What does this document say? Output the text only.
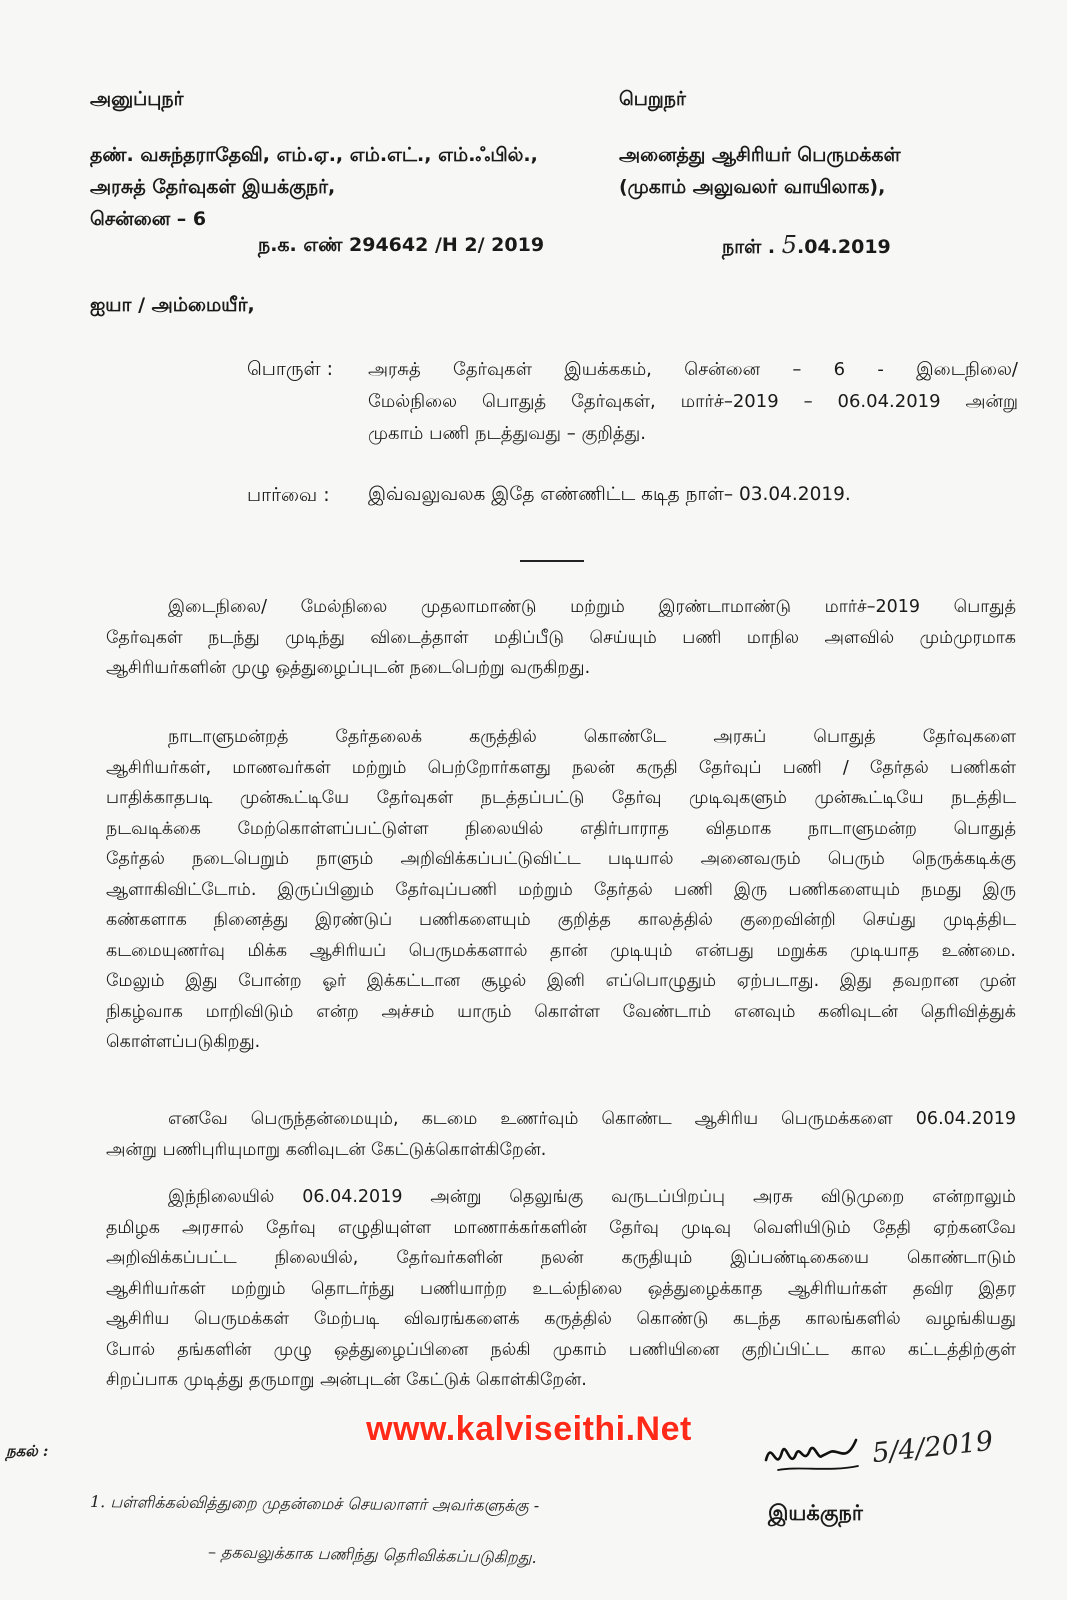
அனுப்புநர்	பெறுநர்
தண். வசுந்தராதேவி, எம்.ஏ., எம்.எட்., எம்.ஃபில்.,
அரசுத் தேர்வுகள் இயக்குநர்,
சென்னை – 6
அனைத்து ஆசிரியர் பெருமக்கள்
(முகாம் அலுவலர் வாயிலாக),
ந.க. எண் 294642 /H 2/ 2019	நாள் . 5.04.2019
ஐயா / அம்மையீர்,
பொருள் : அரசுத் தேர்வுகள் இயக்ககம், சென்னை – 6 - இடைநிலை/
மேல்நிலை பொதுத் தேர்வுகள், மார்ச்–2019 – 06.04.2019 அன்று
முகாம் பணி நடத்துவது – குறித்து.
பார்வை : இவ்வலுவலக இதே எண்ணிட்ட கடித நாள்– 03.04.2019.
இடைநிலை/ மேல்நிலை முதலாமாண்டு மற்றும் இரண்டாமாண்டு மார்ச்–2019 பொதுத்
தேர்வுகள் நடந்து முடிந்து விடைத்தாள் மதிப்பீடு செய்யும் பணி மாநில அளவில் மும்முரமாக
ஆசிரியர்களின் முழு ஒத்துழைப்புடன் நடைபெற்று வருகிறது.
நாடாளுமன்றத் தேர்தலைக் கருத்தில் கொண்டே அரசுப் பொதுத் தேர்வுகளை
ஆசிரியர்கள், மாணவர்கள் மற்றும் பெற்றோர்களது நலன் கருதி தேர்வுப் பணி / தேர்தல் பணிகள்
பாதிக்காதபடி முன்கூட்டியே தேர்வுகள் நடத்தப்பட்டு தேர்வு முடிவுகளும் முன்கூட்டியே நடத்திட
நடவடிக்கை மேற்கொள்ளப்பட்டுள்ள நிலையில் எதிர்பாராத விதமாக நாடாளுமன்ற பொதுத்
தேர்தல் நடைபெறும் நாளும் அறிவிக்கப்பட்டுவிட்ட படியால் அனைவரும் பெரும் நெருக்கடிக்கு
ஆளாகிவிட்டோம். இருப்பினும் தேர்வுப்பணி மற்றும் தேர்தல் பணி இரு பணிகளையும் நமது இரு
கண்களாக நினைத்து இரண்டுப் பணிகளையும் குறித்த காலத்தில் குறைவின்றி செய்து முடித்திட
கடமையுணர்வு மிக்க ஆசிரியப் பெருமக்களால் தான் முடியும் என்பது மறுக்க முடியாத உண்மை.
மேலும் இது போன்ற ஓர் இக்கட்டான சூழல் இனி எப்பொழுதும் ஏற்படாது. இது தவறான முன்
நிகழ்வாக மாறிவிடும் என்ற அச்சம் யாரும் கொள்ள வேண்டாம் எனவும் கனிவுடன் தெரிவித்துக்
கொள்ளப்படுகிறது.
எனவே பெருந்தன்மையும், கடமை உணர்வும் கொண்ட ஆசிரிய பெருமக்களை 06.04.2019
அன்று பணிபுரியுமாறு கனிவுடன் கேட்டுக்கொள்கிறேன்.
இந்நிலையில் 06.04.2019 அன்று தெலுங்கு வருடப்பிறப்பு அரசு விடுமுறை என்றாலும்
தமிழக அரசால் தேர்வு எழுதியுள்ள மாணாக்கர்களின் தேர்வு முடிவு வெளியிடும் தேதி ஏற்கனவே
அறிவிக்கப்பட்ட நிலையில், தேர்வர்களின் நலன் கருதியும் இப்பண்டிகையை கொண்டாடும்
ஆசிரியர்கள் மற்றும் தொடர்ந்து பணியாற்ற உடல்நிலை ஒத்துழைக்காத ஆசிரியர்கள் தவிர இதர
ஆசிரிய பெருமக்கள் மேற்படி விவரங்களைக் கருத்தில் கொண்டு கடந்த காலங்களில் வழங்கியது
போல் தங்களின் முழு ஒத்துழைப்பினை நல்கி முகாம் பணியினை குறிப்பிட்ட கால கட்டத்திற்குள்
சிறப்பாக முடித்து தருமாறு அன்புடன் கேட்டுக் கொள்கிறேன்.
www.kalviseithi.Net	5/4/2019
இயக்குநர்
நகல் :
1. பள்ளிக்கல்வித்துறை முதன்மைச் செயலாளர் அவர்களுக்கு -
– தகவலுக்காக பணிந்து தெரிவிக்கப்படுகிறது.
